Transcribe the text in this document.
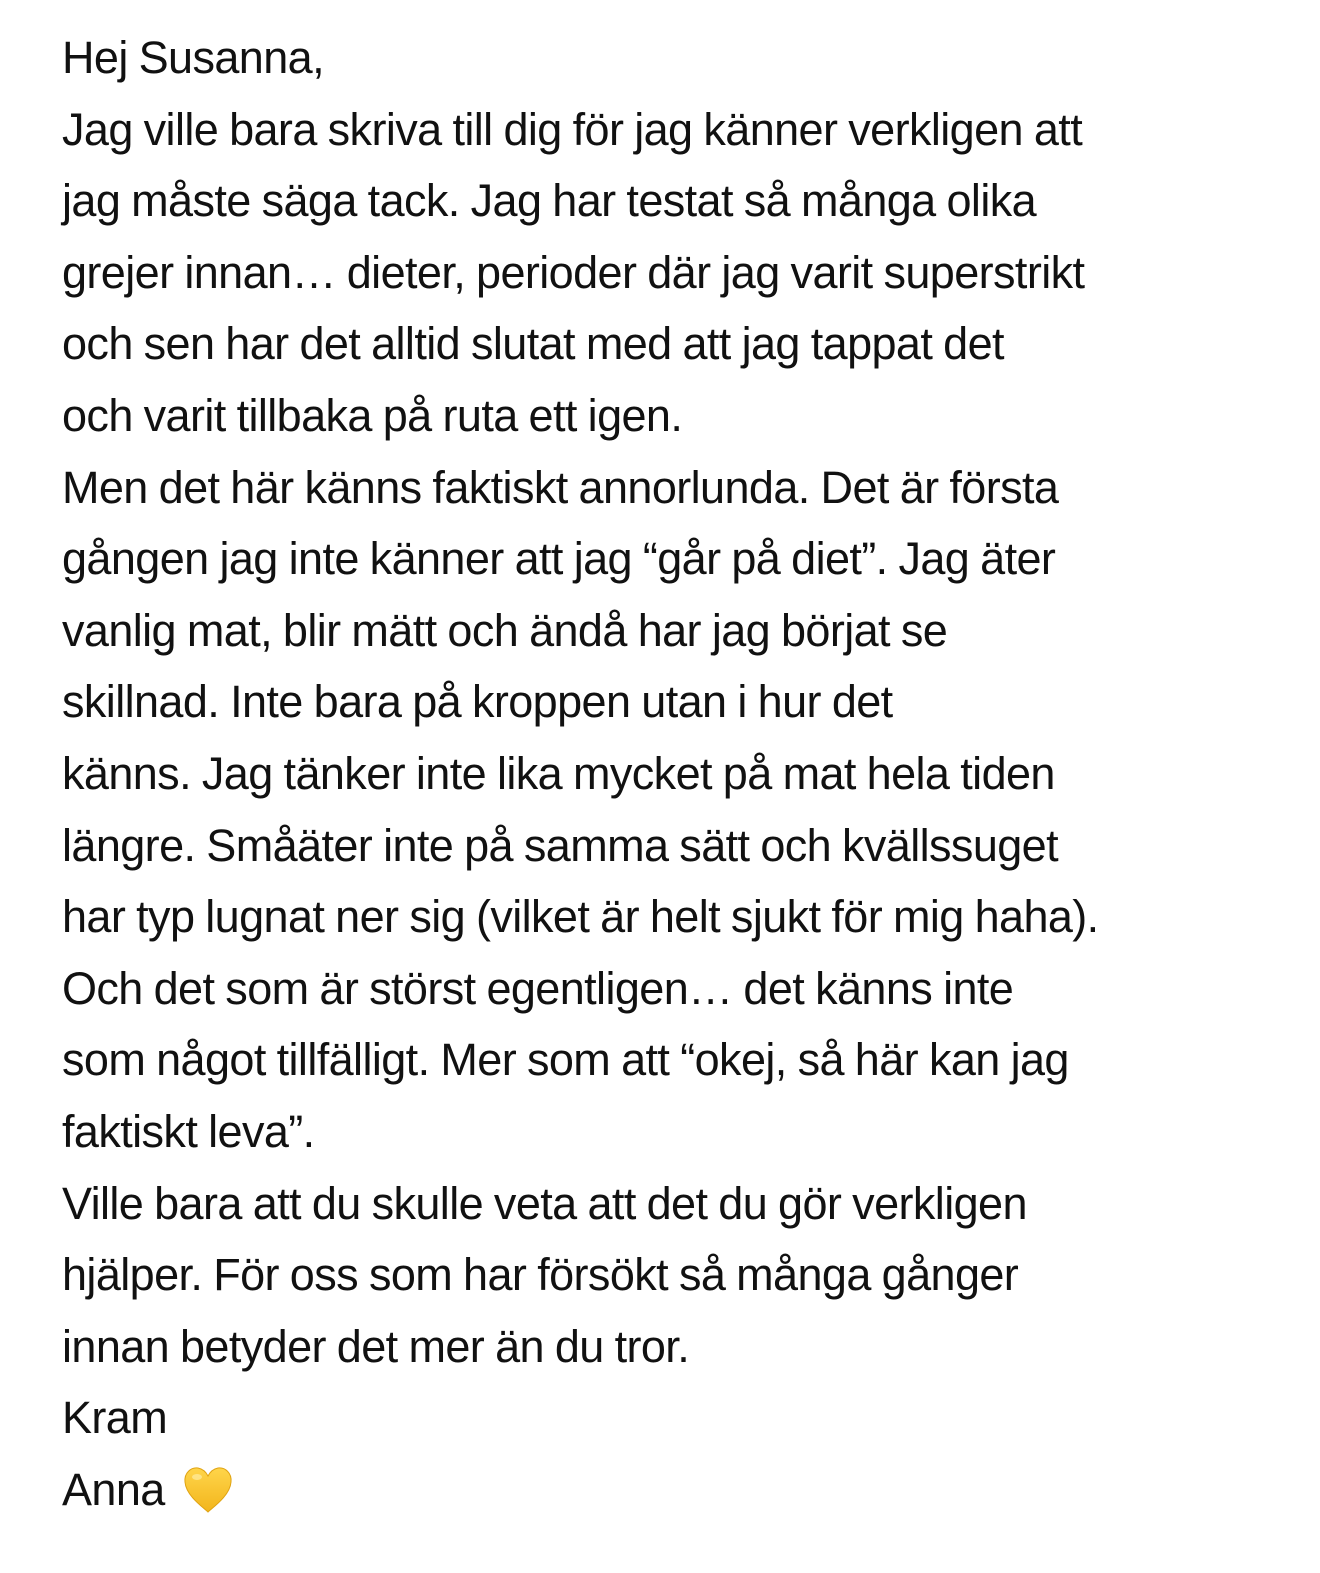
Hej Susanna,
Jag ville bara skriva till dig för jag känner verkligen att
jag måste säga tack. Jag har testat så många olika
grejer innan… dieter, perioder där jag varit superstrikt
och sen har det alltid slutat med att jag tappat det
och varit tillbaka på ruta ett igen.
Men det här känns faktiskt annorlunda. Det är första
gången jag inte känner att jag “går på diet”. Jag äter
vanlig mat, blir mätt och ändå har jag börjat se
skillnad. Inte bara på kroppen utan i hur det
känns. Jag tänker inte lika mycket på mat hela tiden
längre. Småäter inte på samma sätt och kvällssuget
har typ lugnat ner sig (vilket är helt sjukt för mig haha).
Och det som är störst egentligen… det känns inte
som något tillfälligt. Mer som att “okej, så här kan jag
faktiskt leva”.
Ville bara att du skulle veta att det du gör verkligen
hjälper. För oss som har försökt så många gånger
innan betyder det mer än du tror.
Kram
Anna
